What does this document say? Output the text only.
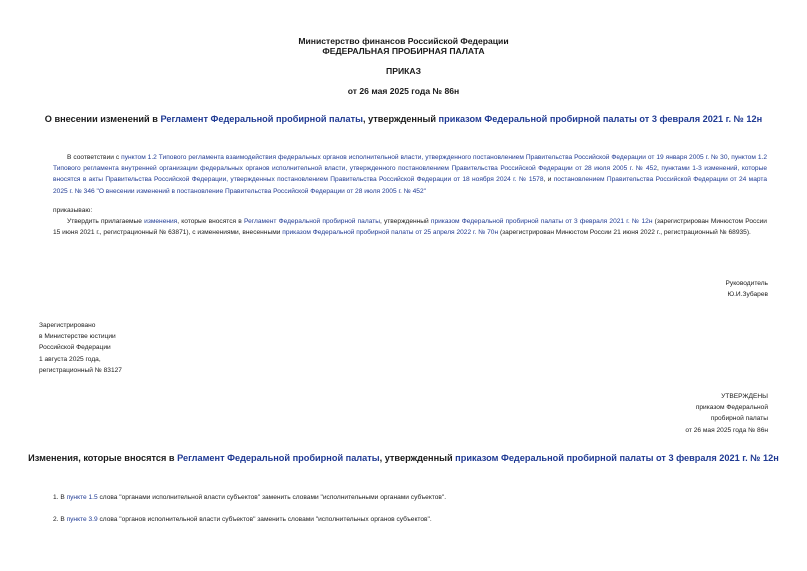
Министерство финансов Российской Федерации
ФЕДЕРАЛЬНАЯ ПРОБИРНАЯ ПАЛАТА
ПРИКАЗ
от 26 мая 2025 года № 86н
О внесении изменений в Регламент Федеральной пробирной палаты, утвержденный приказом Федеральной пробирной палаты от 3 февраля 2021 г. № 12н
В соответствии с пунктом 1.2 Типового регламента взаимодействия федеральных органов исполнительной власти, утвержденного постановлением Правительства Российской Федерации от 19 января 2005 г. № 30, пунктом 1.2 Типового регламента внутренней организации федеральных органов исполнительной власти, утвержденного постановлением Правительства Российской Федерации от 28 июля 2005 г. № 452, пунктами 1-3 изменений, которые вносятся в акты Правительства Российской Федерации, утвержденных постановлением Правительства Российской Федерации от 18 ноября 2024 г. № 1578, и постановлением Правительства Российской Федерации от 24 марта 2025 г. № 346 "О внесении изменений в постановление Правительства Российской Федерации от 28 июля 2005 г. № 452"
приказываю:
Утвердить прилагаемые изменения, которые вносятся в Регламент Федеральной пробирной палаты, утвержденный приказом Федеральной пробирной палаты от 3 февраля 2021 г. № 12н (зарегистрирован Минюстом России 15 июня 2021 г., регистрационный № 63871), с изменениями, внесенными приказом Федеральной пробирной палаты от 25 апреля 2022 г. № 70н (зарегистрирован Минюстом России 21 июня 2022 г., регистрационный № 68935).
Руководитель
Ю.И.Зубарев
Зарегистрировано
в Министерстве юстиции
Российской Федерации
1 августа 2025 года,
регистрационный № 83127
УТВЕРЖДЕНЫ
приказом Федеральной
пробирной палаты
от 26 мая 2025 года № 86н
Изменения, которые вносятся в Регламент Федеральной пробирной палаты, утвержденный приказом Федеральной пробирной палаты от 3 февраля 2021 г. № 12н
1. В пункте 1.5 слова "органами исполнительной власти субъектов" заменить словами "исполнительными органами субъектов".
2. В пункте 3.9 слова "органов исполнительной власти субъектов" заменить словами "исполнительных органов субъектов".
